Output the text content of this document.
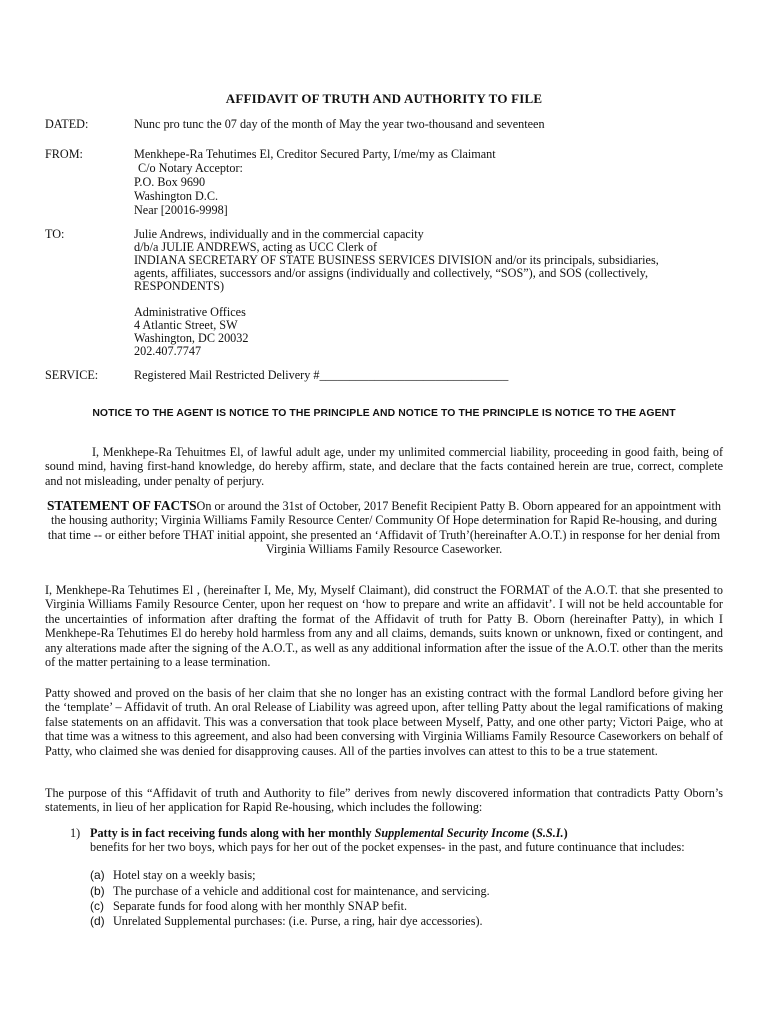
AFFIDAVIT OF TRUTH AND AUTHORITY TO FILE

DATED:	Nunc pro tunc the 07 day of the month of May the year two-thousand and seventeen

FROM:	Menkhepe-Ra Tehutimes El, Creditor Secured Party, I/me/my as Claimant

C/o Notary Acceptor:

P.O. Box 9690

Washington D.C.

Near [20016-9998]

TO:	Julie Andrews, individually and in the commercial capacity

d/b/a JULIE ANDREWS, acting as UCC Clerk of

INDIANA SECRETARY OF STATE BUSINESS SERVICES DIVISION and/or its principals, subsidiaries,

agents, affiliates, successors and/or assigns (individually and collectively, “SOS”), and SOS (collectively,

RESPONDENTS)

Administrative Offices

4 Atlantic Street, SW

Washington, DC 20032

202.407.7747

SERVICE:	Registered Mail Restricted Delivery #_______________________________

NOTICE TO THE AGENT IS NOTICE TO THE PRINCIPLE AND NOTICE TO THE PRINCIPLE IS NOTICE TO THE AGENT

I, Menkhepe-Ra Tehuitmes El, of lawful adult age, under my unlimited commercial liability, proceeding in good faith, being of sound mind, having first-hand knowledge, do hereby affirm, state, and declare that the facts contained herein are true, correct, complete and not misleading, under penalty of perjury.

STATEMENT OF FACTSOn or around the 31st of October, 2017 Benefit Recipient Patty B. Oborn appeared for an appointment with the housing authority; Virginia Williams Family Resource Center/ Community Of Hope determination for Rapid Re-housing, and during that time -- or either before THAT initial appoint, she presented an ‘Affidavit of Truth’(hereinafter A.O.T.) in response for her denial from Virginia Williams Family Resource Caseworker.

I, Menkhepe-Ra Tehutimes El , (hereinafter I, Me, My, Myself Claimant), did construct the FORMAT of the A.O.T. that she presented to Virginia Williams Family Resource Center, upon her request on ‘how to prepare and write an affidavit’. I will not be held accountable for the uncertainties of information after drafting the format of the Affidavit of truth for Patty B. Oborn (hereinafter Patty), in which I Menkhepe-Ra Tehutimes El do hereby hold harmless from any and all claims, demands, suits known or unknown, fixed or contingent, and any alterations made after the signing of the A.O.T., as well as any additional information after the issue of the A.O.T. other than the merits of the matter pertaining to a lease termination.

Patty showed and proved on the basis of her claim that she no longer has an existing contract with the formal Landlord before giving her the ‘template’ – Affidavit of truth. An oral Release of Liability was agreed upon, after telling Patty about the legal ramifications of making false statements on an affidavit. This was a conversation that took place between Myself, Patty, and one other party; Victori Paige, who at that time was a witness to this agreement, and also had been conversing with Virginia Williams Family Resource Caseworkers on behalf of Patty, who claimed she was denied for disapproving causes. All of the parties involves can attest to this to be a true statement.

The purpose of this “Affidavit of truth and Authority to file” derives from newly discovered information that contradicts Patty Oborn’s statements, in lieu of her application for Rapid Re-housing, which includes the following:

1) Patty is in fact receiving funds along with her monthly Supplemental Security Income (S.S.I.)
benefits for her two boys, which pays for her out of the pocket expenses- in the past, and future continuance that includes:

(a) Hotel stay on a weekly basis;
(b) The purchase of a vehicle and additional cost for maintenance, and servicing.
(c) Separate funds for food along with her monthly SNAP befit.
(d) Unrelated Supplemental purchases: (i.e. Purse, a ring, hair dye accessories).
